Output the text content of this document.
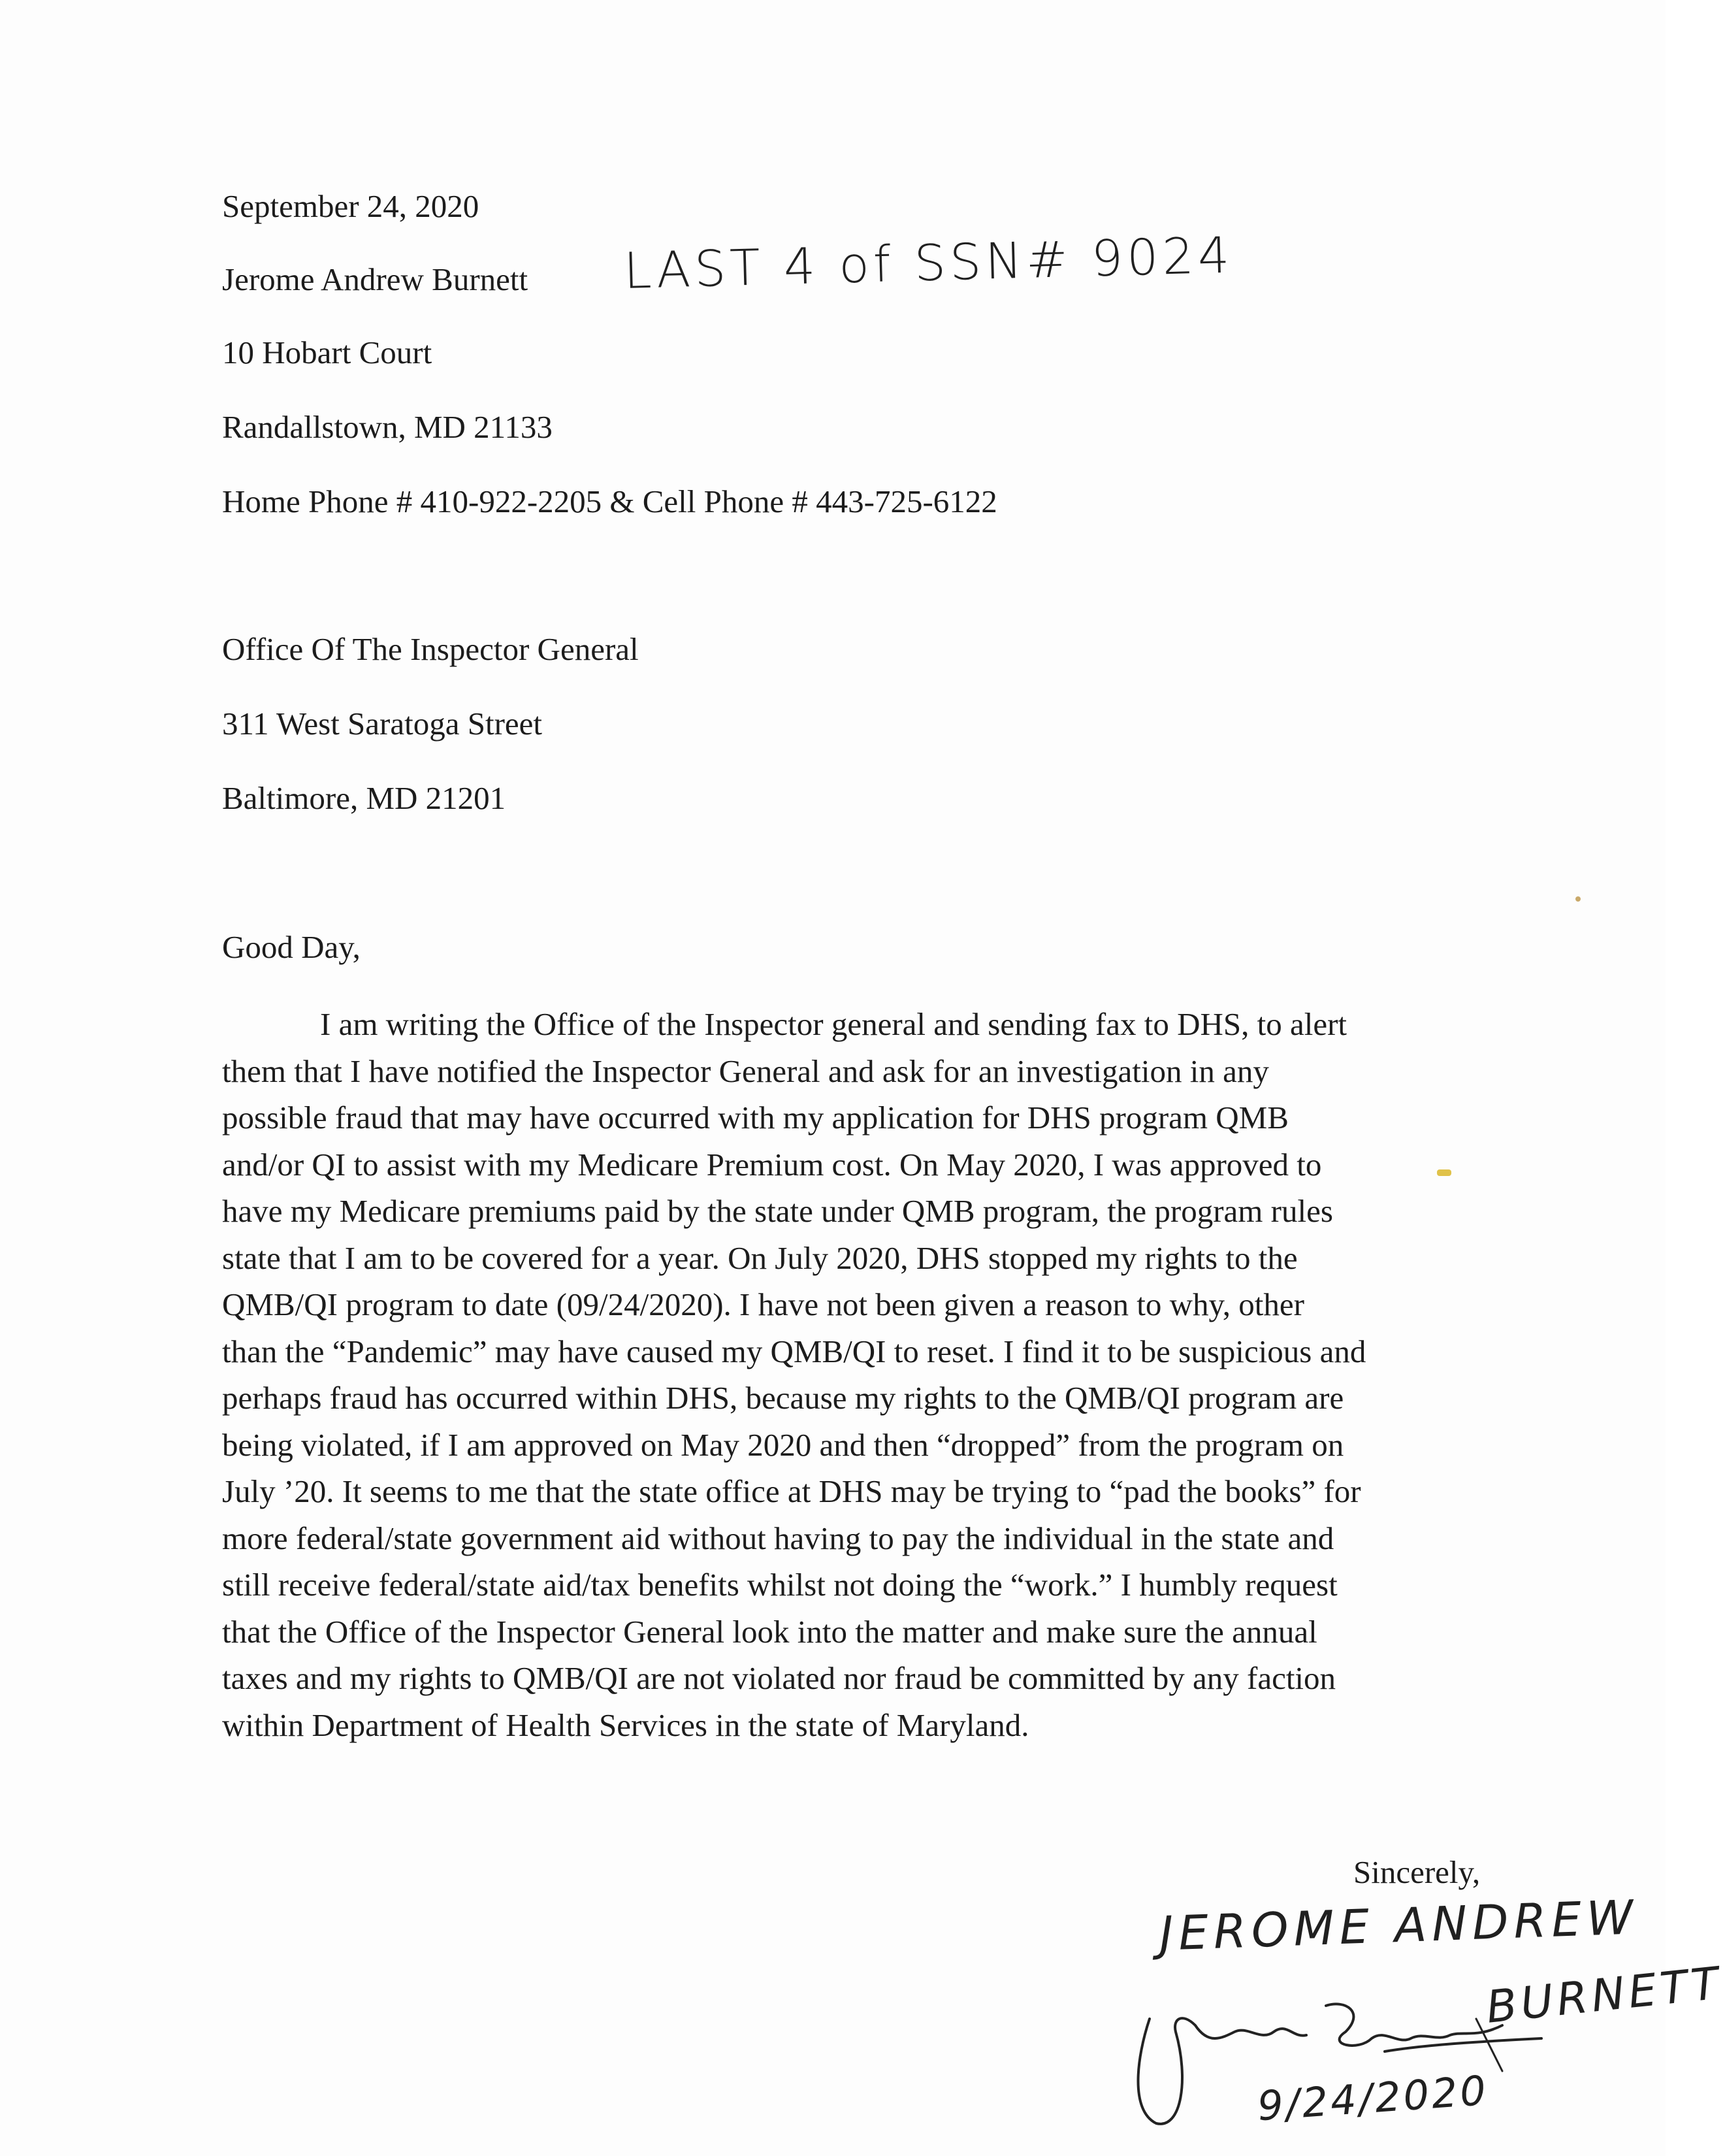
September 24, 2020
Jerome Andrew Burnett LAST 4 of SSN# 9024
10 Hobart Court
Randallstown, MD 21133
Home Phone # 410-922-2205 & Cell Phone # 443-725-6122
Office Of The Inspector General
311 West Saratoga Street
Baltimore, MD 21201
Good Day,
I am writing the Office of the Inspector general and sending fax to DHS, to alert
them that I have notified the Inspector General and ask for an investigation in any
possible fraud that may have occurred with my application for DHS program QMB
and/or QI to assist with my Medicare Premium cost. On May 2020, I was approved to
have my Medicare premiums paid by the state under QMB program, the program rules
state that I am to be covered for a year. On July 2020, DHS stopped my rights to the
QMB/QI program to date (09/24/2020). I have not been given a reason to why, other
than the “Pandemic” may have caused my QMB/QI to reset. I find it to be suspicious and
perhaps fraud has occurred within DHS, because my rights to the QMB/QI program are
being violated, if I am approved on May 2020 and then “dropped” from the program on
July ’20. It seems to me that the state office at DHS may be trying to “pad the books” for
more federal/state government aid without having to pay the individual in the state and
still receive federal/state aid/tax benefits whilst not doing the “work.” I humbly request
that the Office of the Inspector General look into the matter and make sure the annual
taxes and my rights to QMB/QI are not violated nor fraud be committed by any faction
within Department of Health Services in the state of Maryland.
Sincerely,
JEROME ANDREW
BURNETT
9/24/2020
